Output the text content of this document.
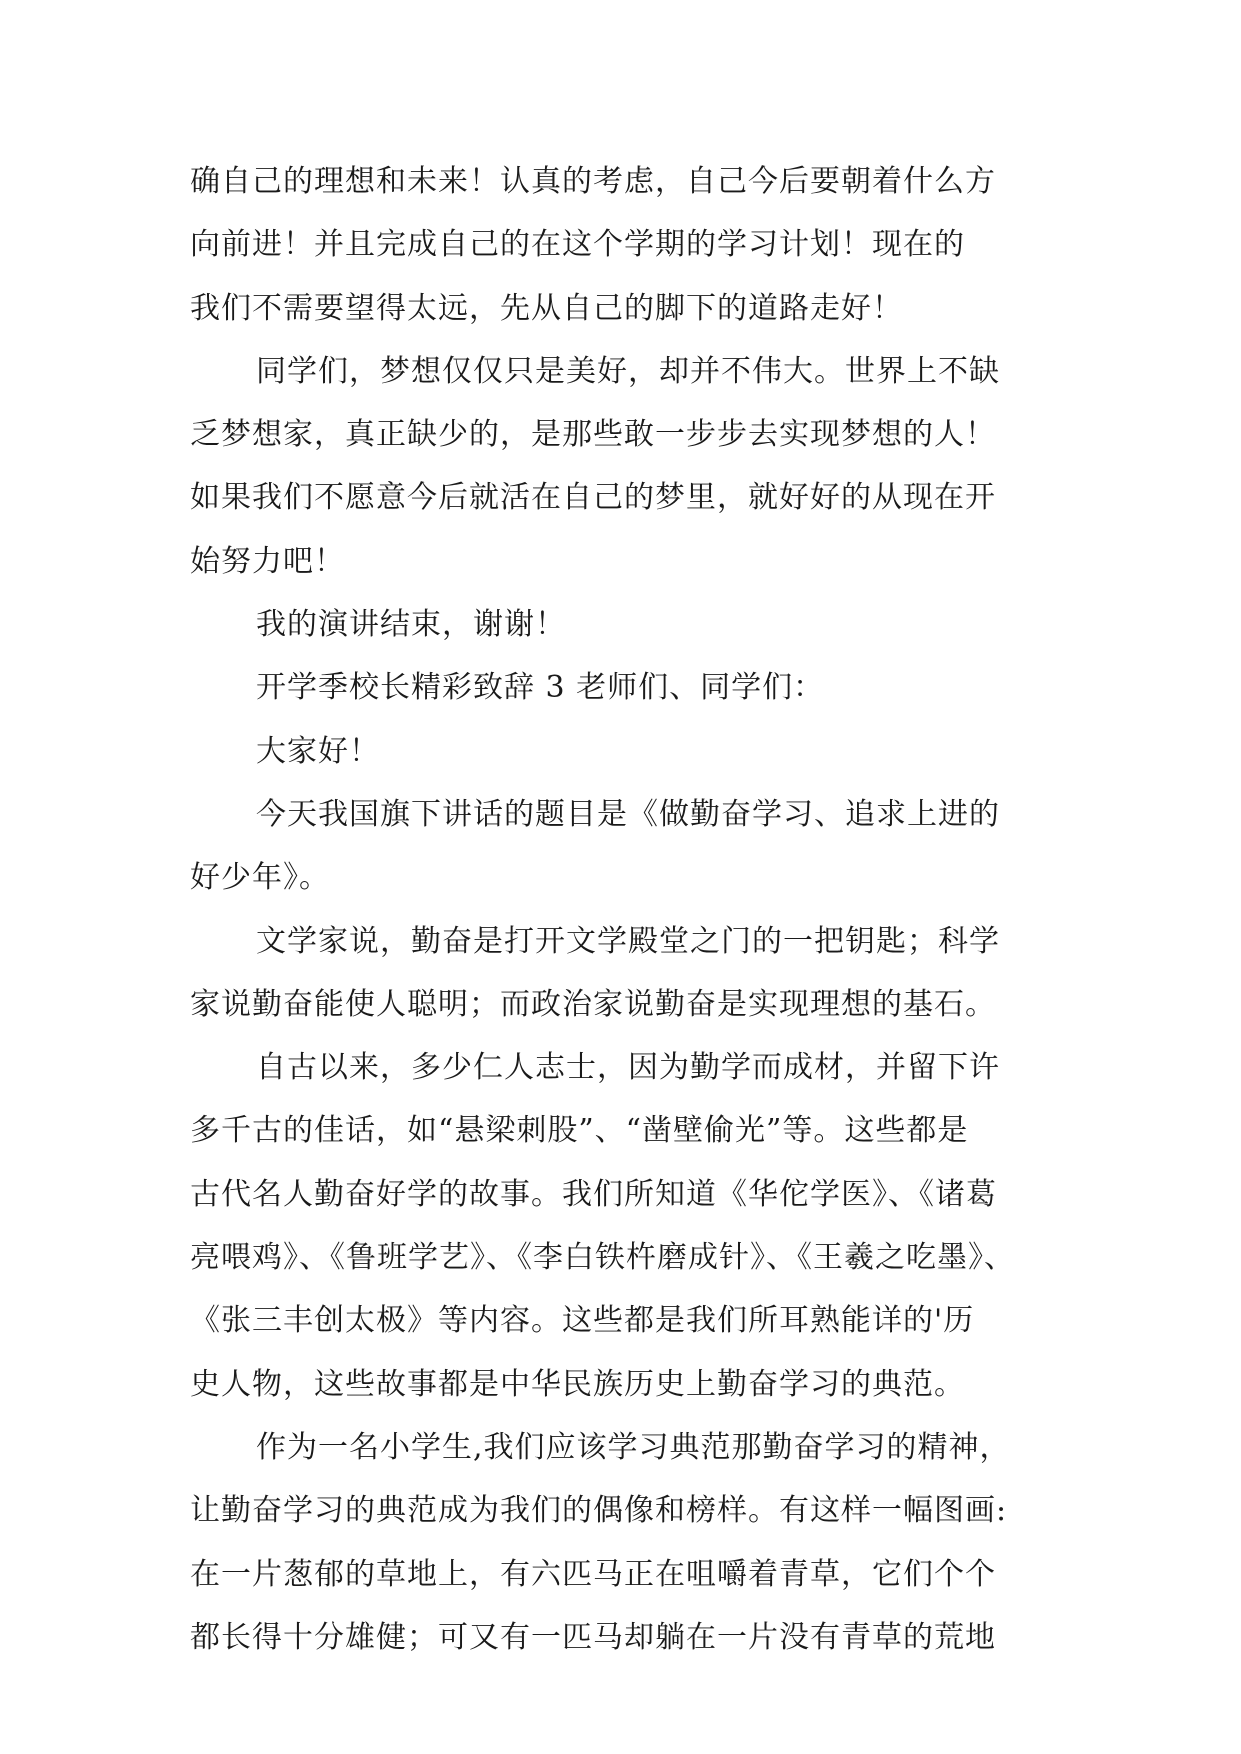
确自己的理想和未来！认真的考虑，自己今后要朝着什么方
向前进！并且完成自己的在这个学期的学习计划！现在的
我们不需要望得太远，先从自己的脚下的道路走好！
同学们，梦想仅仅只是美好，却并不伟大。世界上不缺
乏梦想家，真正缺少的，是那些敢一步步去实现梦想的人！
如果我们不愿意今后就活在自己的梦里，就好好的从现在开
始努力吧！
我的演讲结束，谢谢！
开学季校长精彩致辞 3 老师们、同学们：
大家好！
今天我国旗下讲话的题目是《做勤奋学习、追求上进的
好少年》。
文学家说，勤奋是打开文学殿堂之门的一把钥匙；科学
家说勤奋能使人聪明；而政治家说勤奋是实现理想的基石。
自古以来，多少仁人志士，因为勤学而成材，并留下许
多千古的佳话，如“悬梁刺股”、“凿壁偷光”等。这些都是
古代名人勤奋好学的故事。我们所知道《华佗学医》、《诸葛
亮喂鸡》、《鲁班学艺》、《李白铁杵磨成针》、《王羲之吃墨》、
《张三丰创太极》等内容。这些都是我们所耳熟能详的'历
史人物，这些故事都是中华民族历史上勤奋学习的典范。
作为一名小学生,我们应该学习典范那勤奋学习的精神，
让勤奋学习的典范成为我们的偶像和榜样。有这样一幅图画:
在一片葱郁的草地上，有六匹马正在咀嚼着青草，它们个个
都长得十分雄健；可又有一匹马却躺在一片没有青草的荒地
